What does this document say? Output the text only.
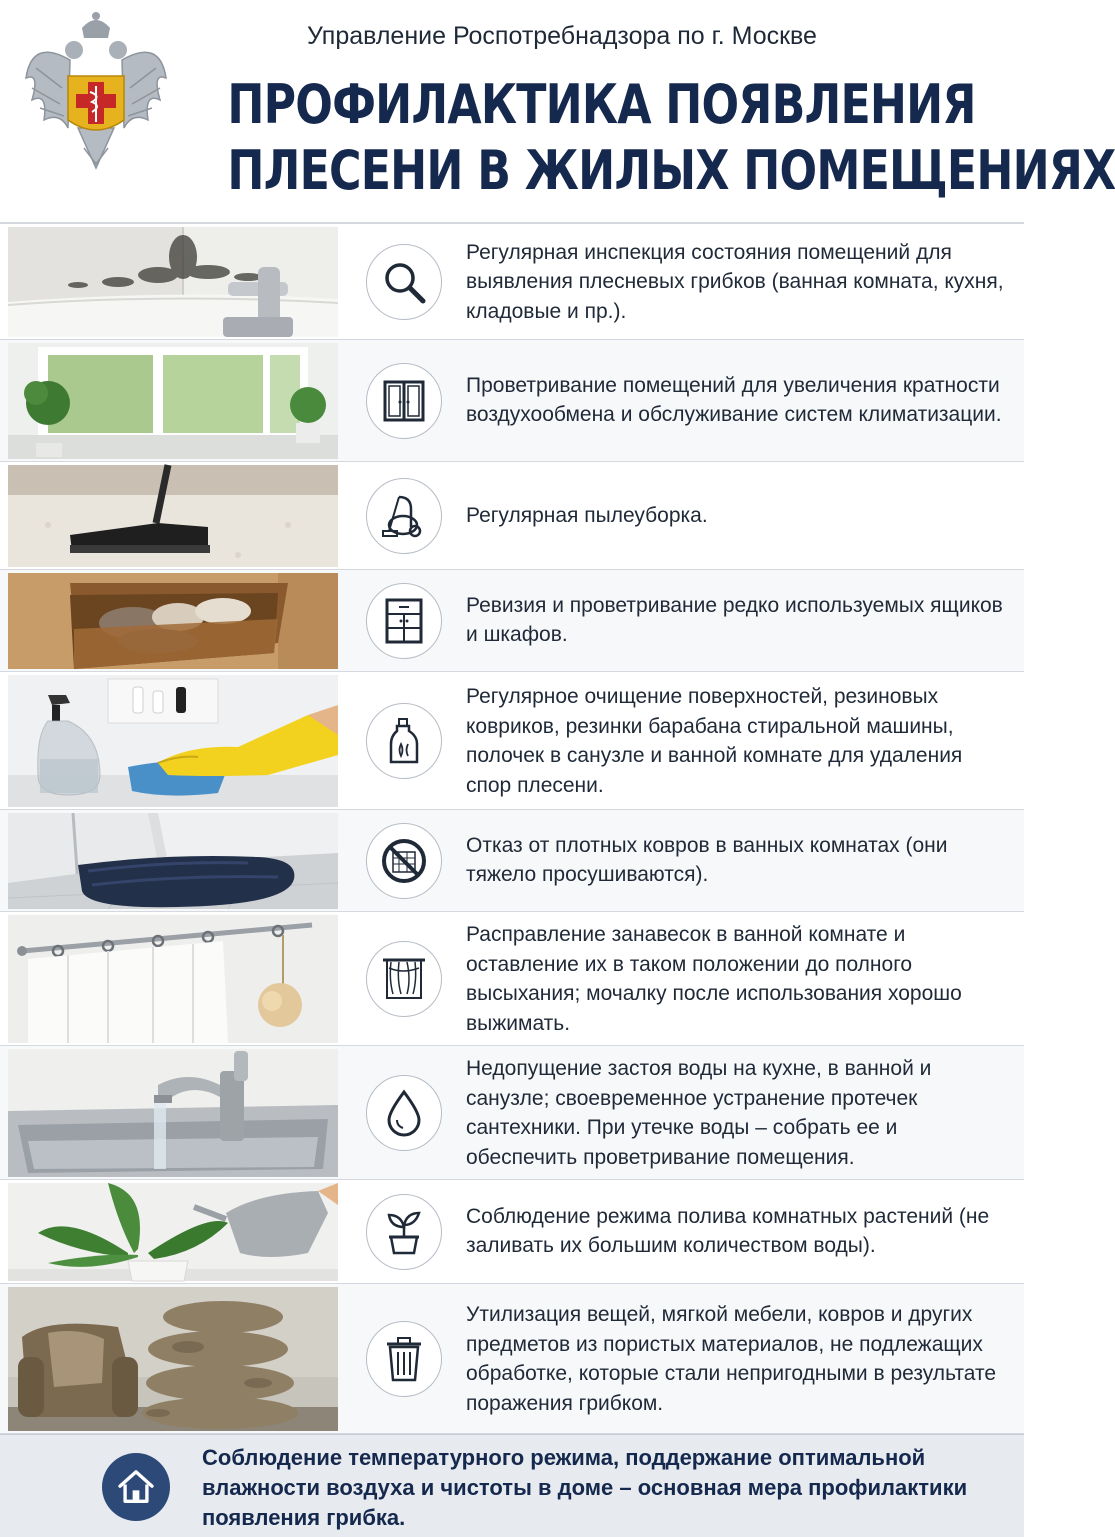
Управление Роспотребнадзора по г. Москве
ПРОФИЛАКТИКА ПОЯВЛЕНИЯ
ПЛЕСЕНИ В ЖИЛЫХ ПОМЕЩЕНИЯХ
Регулярная инспекция состояния помещений для выявления плесневых грибков (ванная комната, кухня, кладовые и пр.).
Проветривание помещений для увеличения кратности воздухообмена и обслуживание систем климатизации.
Регулярная пылеуборка.
Ревизия и проветривание редко используемых ящиков и шкафов.
Регулярное очищение поверхностей, резиновых ковриков, резинки барабана стиральной машины, полочек в санузле и ванной комнате для удаления спор плесени.
Отказ от плотных ковров в ванных комнатах (они тяжело просушиваются).
Расправление занавесок в ванной комнате и оставление их в таком положении до полного высыхания; мочалку после использования хорошо выжимать.
Недопущение застоя воды на кухне, в ванной и санузле; своевременное устранение протечек сантехники. При утечке воды – собрать ее и обеспечить проветривание помещения.
Соблюдение режима полива комнатных растений (не заливать их большим количеством воды).
Утилизация вещей, мягкой мебели, ковров и других предметов из пористых материалов, не подлежащих обработке, которые стали непригодными в результате поражения грибком.
Соблюдение температурного режима, поддержание оптимальной влажности воздуха и чистоты в доме – основная мера профилактики появления грибка.
